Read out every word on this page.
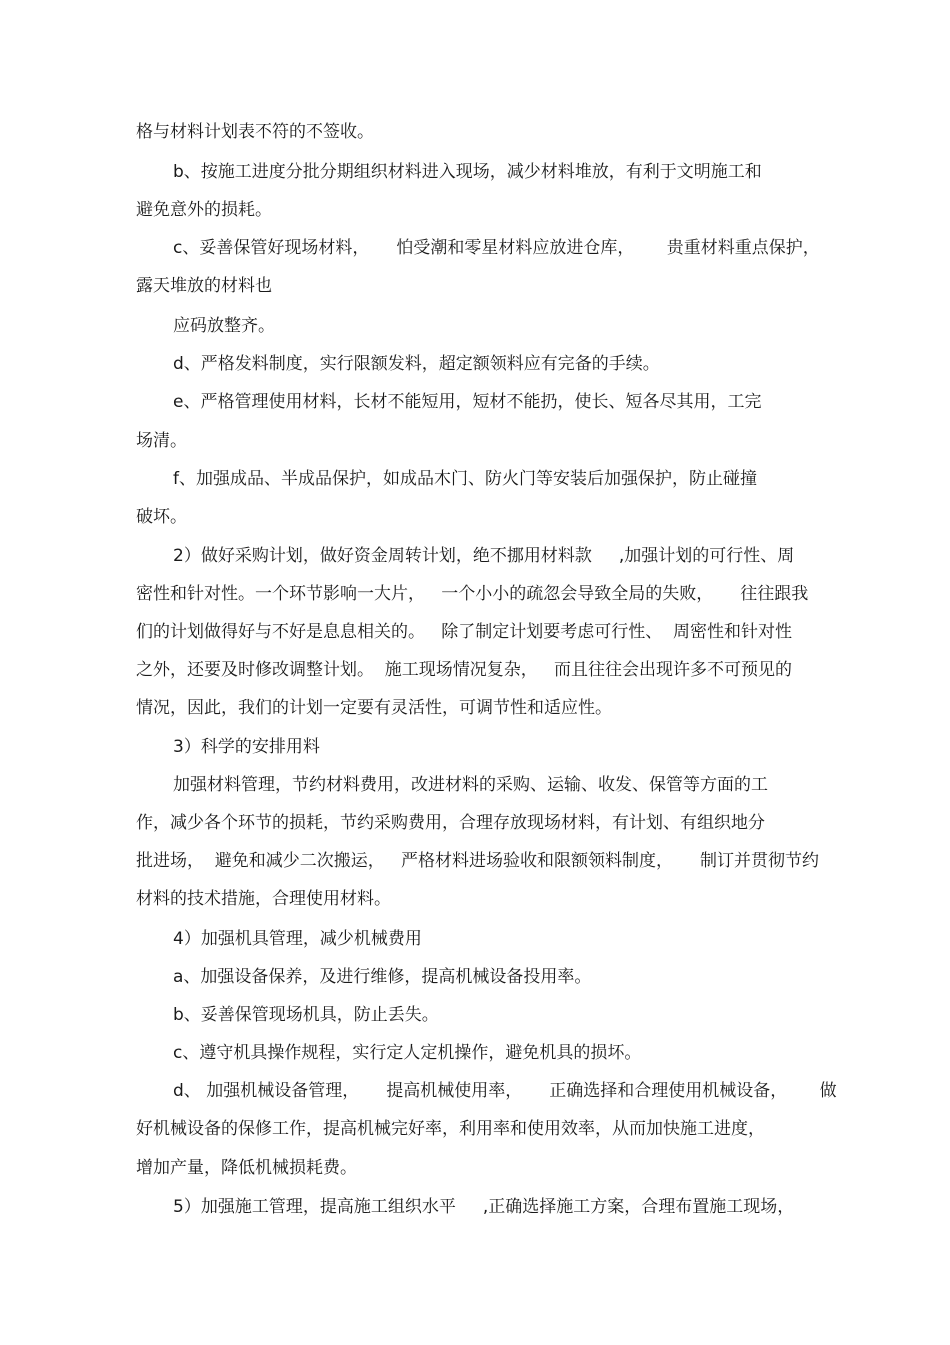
格与材料计划表不符的不签收。

b、按施工进度分批分期组织材料进入现场，减少材料堆放，有利于文明施工和

避免意外的损耗。

c、妥善保管好现场材料，     怕受潮和零星材料应放进仓库，      贵重材料重点保护，

露天堆放的材料也

应码放整齐。

d、严格发料制度，实行限额发料，超定额领料应有完备的手续。

e、严格管理使用材料，长材不能短用，短材不能扔，使长、短各尽其用，工完

场清。

f、加强成品、半成品保护，如成品木门、防火门等安装后加强保护，防止碰撞

破坏。

2）做好采购计划，做好资金周转计划，绝不挪用材料款     ,加强计划的可行性、周

密性和针对性。一个环节影响一大片，   一个小小的疏忽会导致全局的失败，     往往跟我

们的计划做得好与不好是息息相关的。   除了制定计划要考虑可行性、  周密性和针对性

之外，还要及时修改调整计划。  施工现场情况复杂，   而且往往会出现许多不可预见的

情况，因此，我们的计划一定要有灵活性，可调节性和适应性。

3）科学的安排用料

加强材料管理，节约材料费用，改进材料的采购、运输、收发、保管等方面的工

作，减少各个环节的损耗，节约采购费用，合理存放现场材料，有计划、有组织地分

批进场，  避免和减少二次搬运，   严格材料进场验收和限额领料制度，     制订并贯彻节约

材料的技术措施，合理使用材料。

4）加强机具管理，减少机械费用

a、加强设备保养，及进行维修，提高机械设备投用率。

b、妥善保管现场机具，防止丢失。

c、遵守机具操作规程，实行定人定机操作，避免机具的损坏。

d、 加强机械设备管理，     提高机械使用率，     正确选择和合理使用机械设备，      做

好机械设备的保修工作，提高机械完好率，利用率和使用效率，从而加快施工进度，

增加产量，降低机械损耗费。

5）加强施工管理，提高施工组织水平     ,正确选择施工方案，合理布置施工现场，
